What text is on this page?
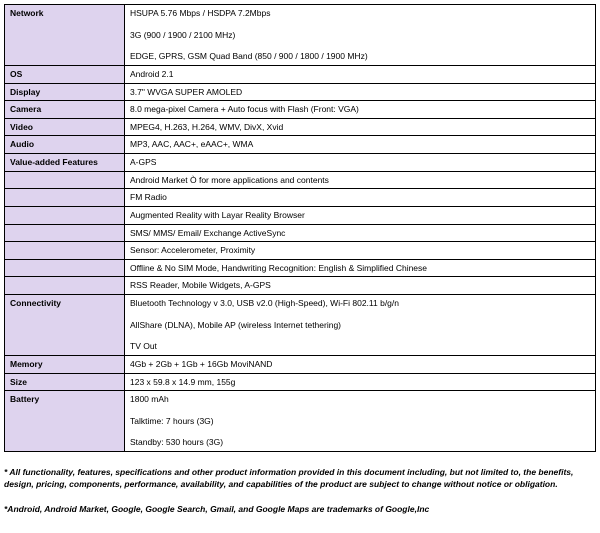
Network	HSUPA 5.76 Mbps / HSDPA 7.2Mbps
3G (900 / 1900 / 2100 MHz)
EDGE, GPRS, GSM Quad Band (850 / 900 / 1800 / 1900 MHz)

OS	Android 2.1
Display	3.7" WVGA SUPER AMOLED
Camera	8.0 mega-pixel Camera + Auto focus with Flash (Front: VGA)
Video	MPEG4, H.263, H.264, WMV, DivX, Xvid
Audio	MP3, AAC, AAC+, eAAC+, WMA
Value-added Features	A-GPS
	Android Market Ò for more applications and contents
	FM Radio
	Augmented Reality with Layar Reality Browser
	SMS/ MMS/ Email/ Exchange ActiveSync
	Sensor: Accelerometer, Proximity
	Offline & No SIM Mode, Handwriting Recognition: English & Simplified Chinese
	RSS Reader, Mobile Widgets, A-GPS
Connectivity	Bluetooth Technology v 3.0, USB v2.0 (High-Speed), Wi-Fi 802.11 b/g/n
AllShare (DLNA), Mobile AP (wireless Internet tethering)
TV Out

Memory	4Gb + 2Gb + 1Gb + 16Gb MoviNAND
Size	123 x 59.8 x 14.9 mm, 155g
Battery	1800 mAh
Talktime: 7 hours (3G)
Standby: 530 hours (3G)

* All functionality, features, specifications and other product information provided in this document including, but not limited to, the benefits, design, pricing, components, performance, availability, and capabilities of the product are subject to change without notice or obligation.

*Android, Android Market, Google, Google Search, Gmail, and Google Maps are trademarks of Google,Inc
